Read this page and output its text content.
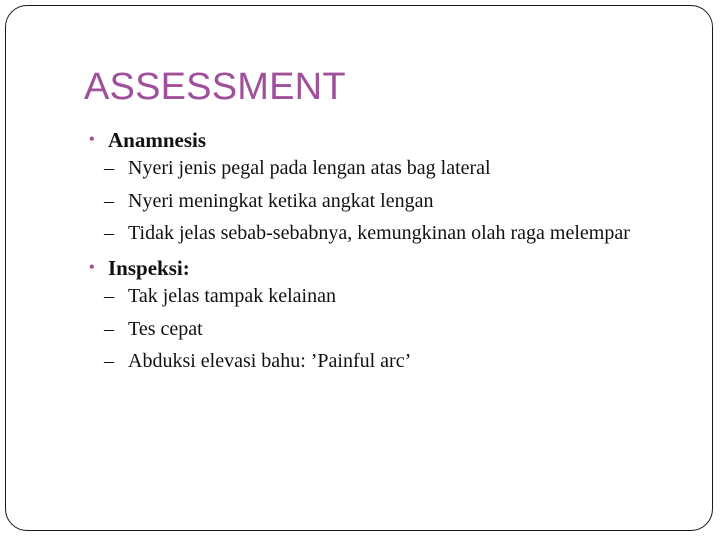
ASSESSMENT
• Anamnesis
– Nyeri jenis pegal pada lengan atas bag lateral
– Nyeri meningkat ketika angkat lengan
– Tidak jelas sebab-sebabnya, kemungkinan olah raga melempar
• Inspeksi:
– Tak jelas tampak kelainan
– Tes cepat
– Abduksi elevasi bahu: ’Painful arc’
